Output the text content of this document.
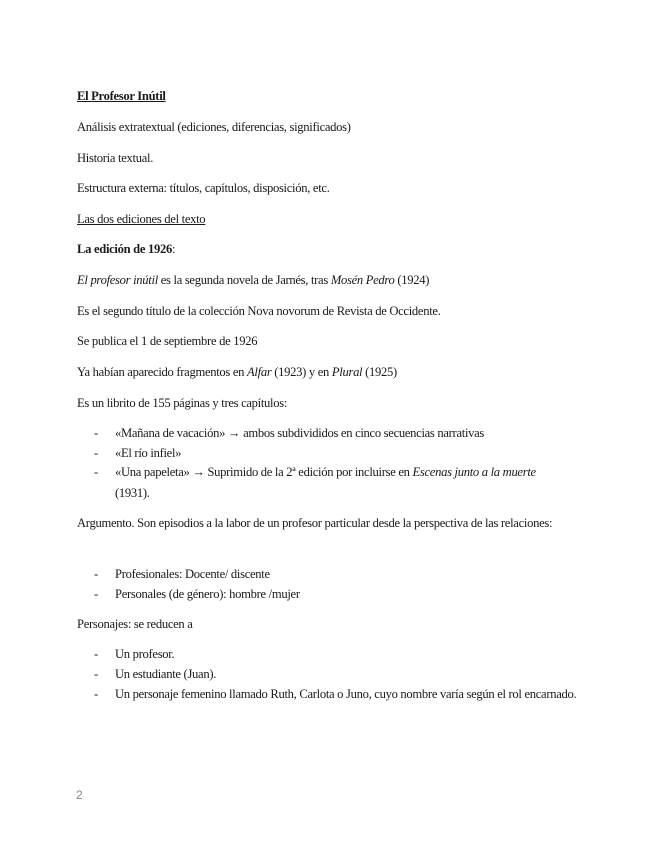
El Profesor Inútil

Análisis extratextual (ediciones, diferencias, significados)

Historia textual.

Estructura externa: títulos, capítulos, disposición, etc.

Las dos ediciones del texto

La edición de 1926:

El profesor inútil es la segunda novela de Jarnés, tras Mosén Pedro (1924)

Es el segundo título de la colección Nova novorum de Revista de Occidente.

Se publica el 1 de septiembre de 1926

Ya habían aparecido fragmentos en Alfar (1923) y en Plural (1925)

Es un librito de 155 páginas y tres capítulos:

-	«Mañana de vacación» → ambos subdivididos en cinco secuencias narrativas
-	«El río infiel»
-	«Una papeleta» → Suprimido de la 2ª edición por incluirse en Escenas junto a la muerte
(1931).

Argumento. Son episodios a la labor de un profesor particular desde la perspectiva de las relaciones:

-	Profesionales: Docente/ discente
-	Personales (de género): hombre /mujer

Personajes: se reducen a

-	Un profesor.
-	Un estudiante (Juan).
-	Un personaje femenino llamado Ruth, Carlota o Juno, cuyo nombre varía según el rol encarnado.
2
